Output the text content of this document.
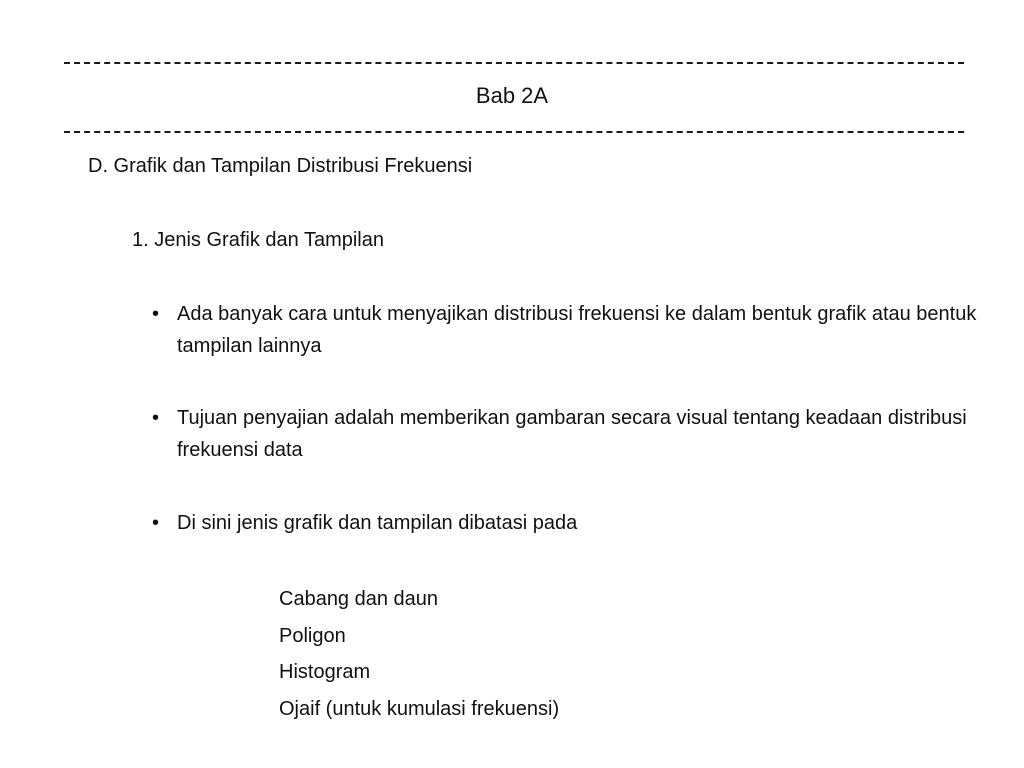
Bab 2A
D. Grafik dan Tampilan Distribusi Frekuensi
1. Jenis Grafik dan Tampilan
• Ada banyak cara untuk menyajikan distribusi frekuensi ke dalam bentuk grafik atau bentuk tampilan lainnya
• Tujuan penyajian adalah memberikan gambaran secara visual tentang keadaan distribusi frekuensi data
• Di sini jenis grafik dan tampilan dibatasi pada
Cabang dan daun
Poligon
Histogram
Ojaif (untuk kumulasi frekuensi)
